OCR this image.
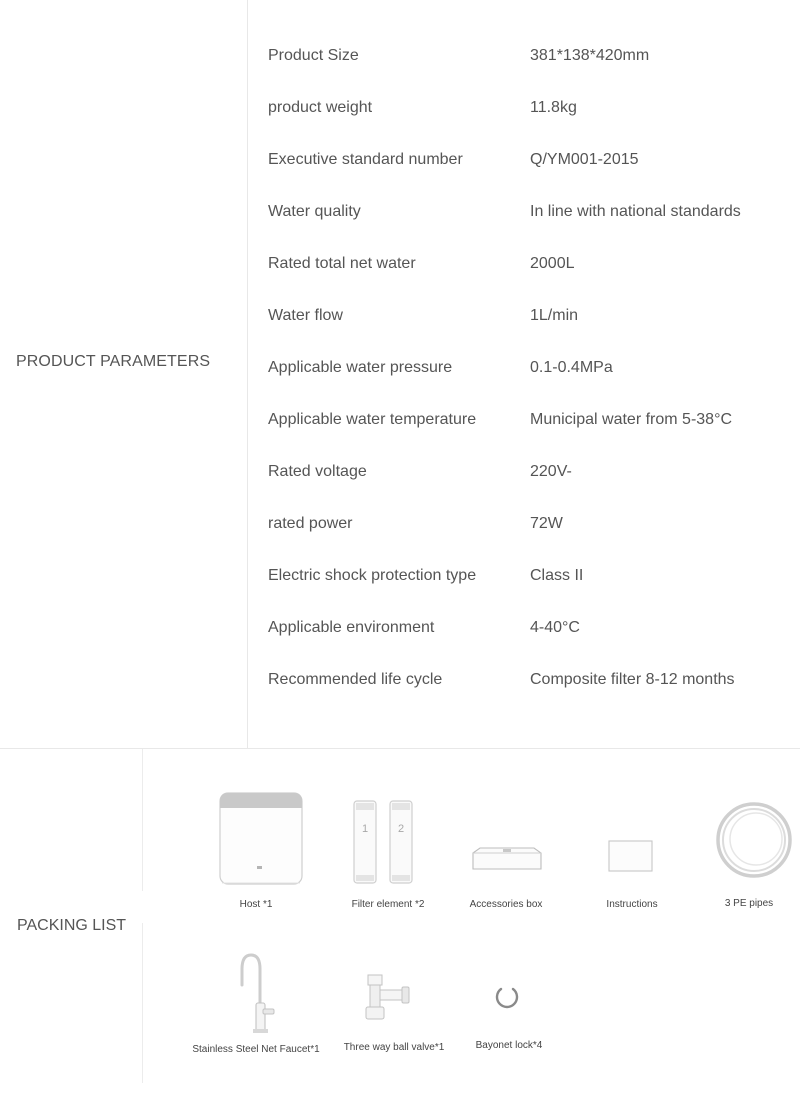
PRODUCT PARAMETERS
Product Size	381*138*420mm
product weight	11.8kg
Executive standard number	Q/YM001-2015
Water quality	In line with national standards
Rated total net water	2000L
Water flow	1L/min
Applicable water pressure	0.1-0.4MPa
Applicable water temperature	Municipal water from 5-38°C
Rated voltage	220V-
rated power	72W
Electric shock protection type	Class II
Applicable environment	4-40°C
Recommended life cycle	Composite filter 8-12 months
PACKING LIST
Host *1
1	2
Filter element *2	Accessories box	Instructions	3 PE pipes
Stainless Steel Net Faucet*1 Three way ball valve*1	Bayonet lock*4
